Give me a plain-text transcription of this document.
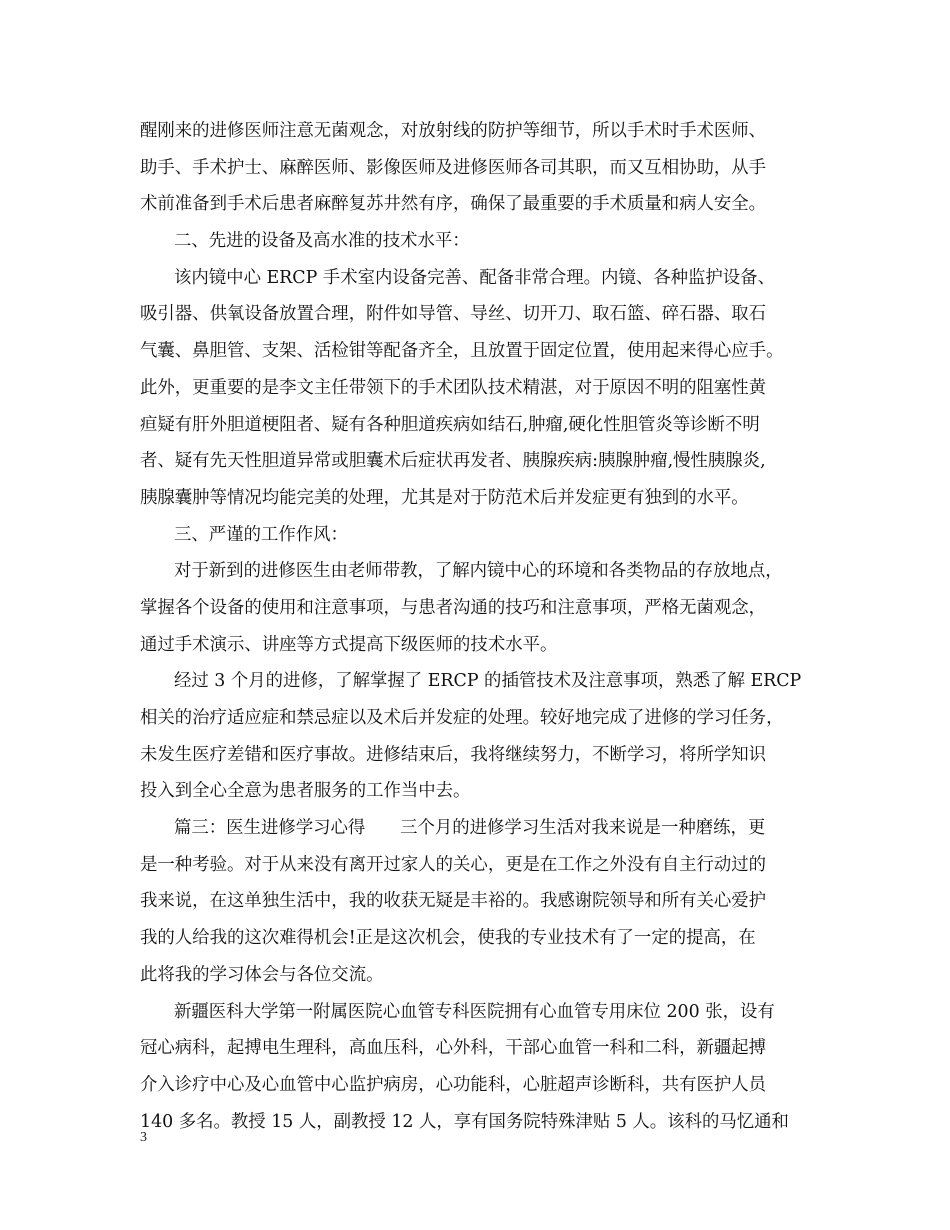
醒刚来的进修医师注意无菌观念，对放射线的防护等细节，所以手术时手术医师、
助手、手术护士、麻醉医师、影像医师及进修医师各司其职，而又互相协助，从手
术前准备到手术后患者麻醉复苏井然有序，确保了最重要的手术质量和病人安全。
二、先进的设备及高水准的技术水平：
该内镜中心 ERCP 手术室内设备完善、配备非常合理。内镜、各种监护设备、
吸引器、供氧设备放置合理，附件如导管、导丝、切开刀、取石篮、碎石器、取石
气囊、鼻胆管、支架、活检钳等配备齐全，且放置于固定位置，使用起来得心应手。
此外，更重要的是李文主任带领下的手术团队技术精湛，对于原因不明的阻塞性黄
疸疑有肝外胆道梗阻者、疑有各种胆道疾病如结石,肿瘤,硬化性胆管炎等诊断不明
者、疑有先天性胆道异常或胆囊术后症状再发者、胰腺疾病:胰腺肿瘤,慢性胰腺炎,
胰腺囊肿等情况均能完美的处理，尤其是对于防范术后并发症更有独到的水平。
三、严谨的工作作风：
对于新到的进修医生由老师带教，了解内镜中心的环境和各类物品的存放地点，
掌握各个设备的使用和注意事项，与患者沟通的技巧和注意事项，严格无菌观念，
通过手术演示、讲座等方式提高下级医师的技术水平。
经过 3 个月的进修，了解掌握了 ERCP 的插管技术及注意事项，熟悉了解 ERCP
相关的治疗适应症和禁忌症以及术后并发症的处理。较好地完成了进修的学习任务，
未发生医疗差错和医疗事故。进修结束后，我将继续努力，不断学习，将所学知识
投入到全心全意为患者服务的工作当中去。
篇三：医生进修学习心得　　三个月的进修学习生活对我来说是一种磨练，更
是一种考验。对于从来没有离开过家人的关心，更是在工作之外没有自主行动过的
我来说，在这单独生活中，我的收获无疑是丰裕的。我感谢院领导和所有关心爱护
我的人给我的这次难得机会!正是这次机会，使我的专业技术有了一定的提高，在
此将我的学习体会与各位交流。
新疆医科大学第一附属医院心血管专科医院拥有心血管专用床位 200 张，设有
冠心病科，起搏电生理科，高血压科，心外科，干部心血管一科和二科，新疆起搏
介入诊疗中心及心血管中心监护病房，心功能科，心脏超声诊断科，共有医护人员
140 多名。教授 15 人，副教授 12 人，享有国务院特殊津贴 5 人。该科的马忆通和
3
